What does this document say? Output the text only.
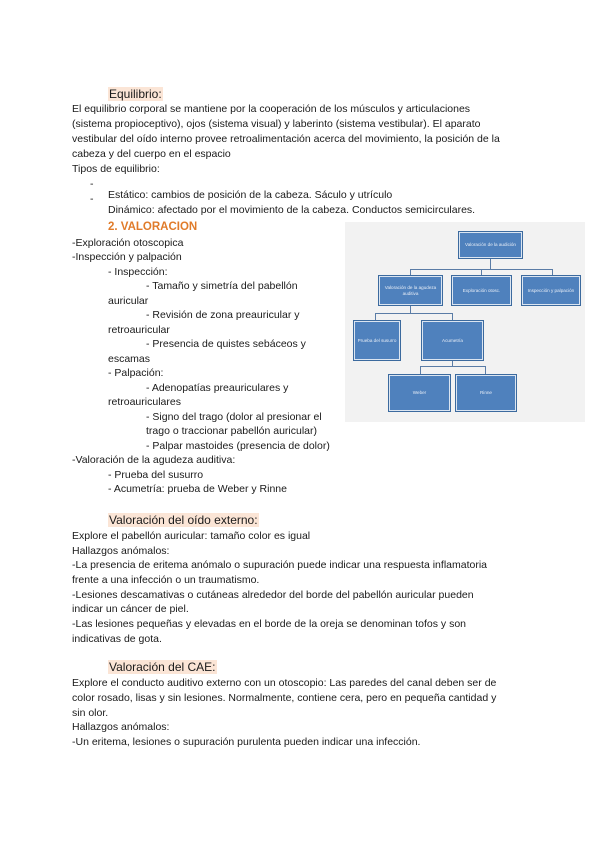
Equilibrio:

El equilibrio corporal se mantiene por la cooperación de los músculos y articulaciones

(sistema propioceptivo), ojos (sistema visual) y laberinto (sistema vestibular). El aparato

vestibular del oído interno provee retroalimentación acerca del movimiento, la posición de la

cabeza y del cuerpo en el espacio

Tipos de equilibrio:

-

Estático: cambios de posición de la cabeza. Sáculo y utrículo

-

Dinámico: afectado por el movimiento de la cabeza. Conductos semicirculares.

2. VALORACION

-Exploración otoscopica

-Inspección y palpación

- Inspección:

- Tamaño y simetría del pabellón

auricular

- Revisión de zona preauricular y

retroauricular

- Presencia de quistes sebáceos y

escamas

- Palpación:

- Adenopatías preauriculares y

retroauriculares

- Signo del trago (dolor al presionar el

trago o traccionar pabellón auricular)

- Palpar mastoides (presencia de dolor)

-Valoración de la agudeza auditiva:

- Prueba del susurro

- Acumetría: prueba de Weber y Rinne

Valoración de la audición
Valoración de la agudeza auditiva
Exploración otosc.	Inspección y palpación
Prueba del susurro	Acumetría
Weber	Rinne
Valoración del oído externo:

Explore el pabellón auricular: tamaño color es igual

Hallazgos anómalos:

-La presencia de eritema anómalo o supuración puede indicar una respuesta inflamatoria

frente a una infección o un traumatismo.

-Lesiones descamativas o cutáneas alrededor del borde del pabellón auricular pueden

indicar un cáncer de piel.

-Las lesiones pequeñas y elevadas en el borde de la oreja se denominan tofos y son

indicativas de gota.

Valoración del CAE:

Explore el conducto auditivo externo con un otoscopio: Las paredes del canal deben ser de

color rosado, lisas y sin lesiones. Normalmente, contiene cera, pero en pequeña cantidad y

sin olor.

Hallazgos anómalos:

-Un eritema, lesiones o supuración purulenta pueden indicar una infección.
